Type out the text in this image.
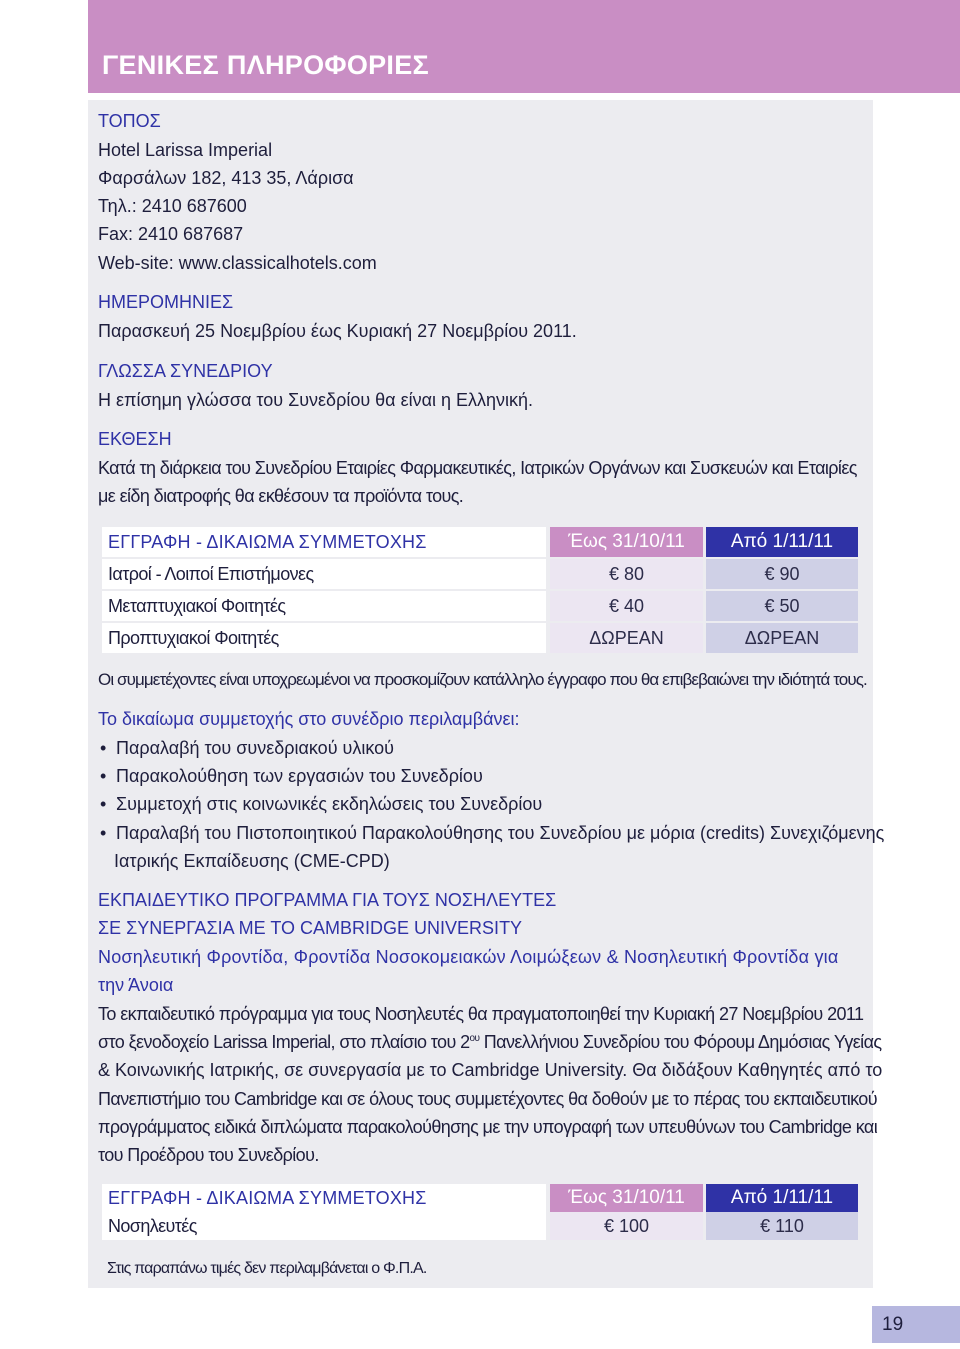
ΓΕΝΙΚΕΣ ΠΛΗΡΟΦΟΡΙΕΣ
ΤΟΠΟΣ
Hotel Larissa Imperial
Φαρσάλων 182, 413 35, Λάρισα
Τηλ.: 2410 687600
Fax: 2410 687687
Web-site: www.classicalhotels.com
ΗΜΕΡΟΜΗΝΙΕΣ
Παρασκευή 25 Νοεμβρίου έως Κυριακή 27 Νοεμβρίου 2011.
ΓΛΩΣΣΑ ΣΥΝΕΔΡΙΟΥ
Η επίσημη γλώσσα του Συνεδρίου θα είναι η Ελληνική.
ΕΚΘΕΣΗ
Κατά τη διάρκεια του Συνεδρίου Εταιρίες Φαρμακευτικές, Ιατρικών Οργάνων και Συσκευών και Εταιρίες
με είδη διατροφής θα εκθέσουν τα προϊόντα τους.
ΕΓΓΡΑΦΗ - ΔΙΚΑΙΩΜΑ ΣΥΜΜΕΤΟΧΗΣ	Έως 31/10/11	Από 1/11/11
Ιατροί - Λοιποί Επιστήμονες	€ 80	€ 90
Μεταπτυχιακοί Φοιτητές	€ 40	€ 50
Προπτυχιακοί Φοιτητές	ΔΩΡΕΑΝ	ΔΩΡΕΑΝ
Οι συμμετέχοντες είναι υποχρεωμένοι να προσκομίζουν κατάλληλο έγγραφο που θα επιβεβαιώνει την ιδιότητά τους.
Το δικαίωμα συμμετοχής στο συνέδριο περιλαμβάνει:
• Παραλαβή του συνεδριακού υλικού
• Παρακολούθηση των εργασιών του Συνεδρίου
• Συμμετοχή στις κοινωνικές εκδηλώσεις του Συνεδρίου
• Παραλαβή του Πιστοποιητικού Παρακολούθησης του Συνεδρίου με μόρια (credits) Συνεχιζόμενης
Ιατρικής Εκπαίδευσης (CME-CPD)
ΕΚΠΑΙΔΕΥΤΙΚΟ ΠΡΟΓΡΑΜΜΑ ΓΙΑ ΤΟΥΣ ΝΟΣΗΛΕΥΤΕΣ
ΣΕ ΣΥΝΕΡΓΑΣΙΑ ΜΕ ΤΟ CAMBRIDGE UNIVERSITY
Νοσηλευτική Φροντίδα, Φροντίδα Νοσοκομειακών Λοιμώξεων & Νοσηλευτική Φροντίδα για
την Άνοια
Το εκπαιδευτικό πρόγραμμα για τους Νοσηλευτές θα πραγματοποιηθεί την Κυριακή 27 Νοεμβρίου 2011
στο ξενοδοχείο Larissa Imperial, στο πλαίσιο του $2^{o\upsilon}$ Πανελλήνιου Συνεδρίου του Φόρουμ Δημόσιας Υγείας
& Κοινωνικής Ιατρικής, σε συνεργασία με το Cambridge University. Θα διδάξουν Καθηγητές από το
Πανεπιστήμιο του Cambridge και σε όλους τους συμμετέχοντες θα δοθούν με το πέρας του εκπαιδευτικού
προγράμματος ειδικά διπλώματα παρακολούθησης με την υπογραφή των υπευθύνων του Cambridge και
του Προέδρου του Συνεδρίου.
ΕΓΓΡΑΦΗ - ΔΙΚΑΙΩΜΑ ΣΥΜΜΕΤΟΧΗΣ	Έως 31/10/11	Από 1/11/11
Νοσηλευτές	€ 100	€ 110
Στις παραπάνω τιμές δεν περιλαμβάνεται ο Φ.Π.Α.
19
